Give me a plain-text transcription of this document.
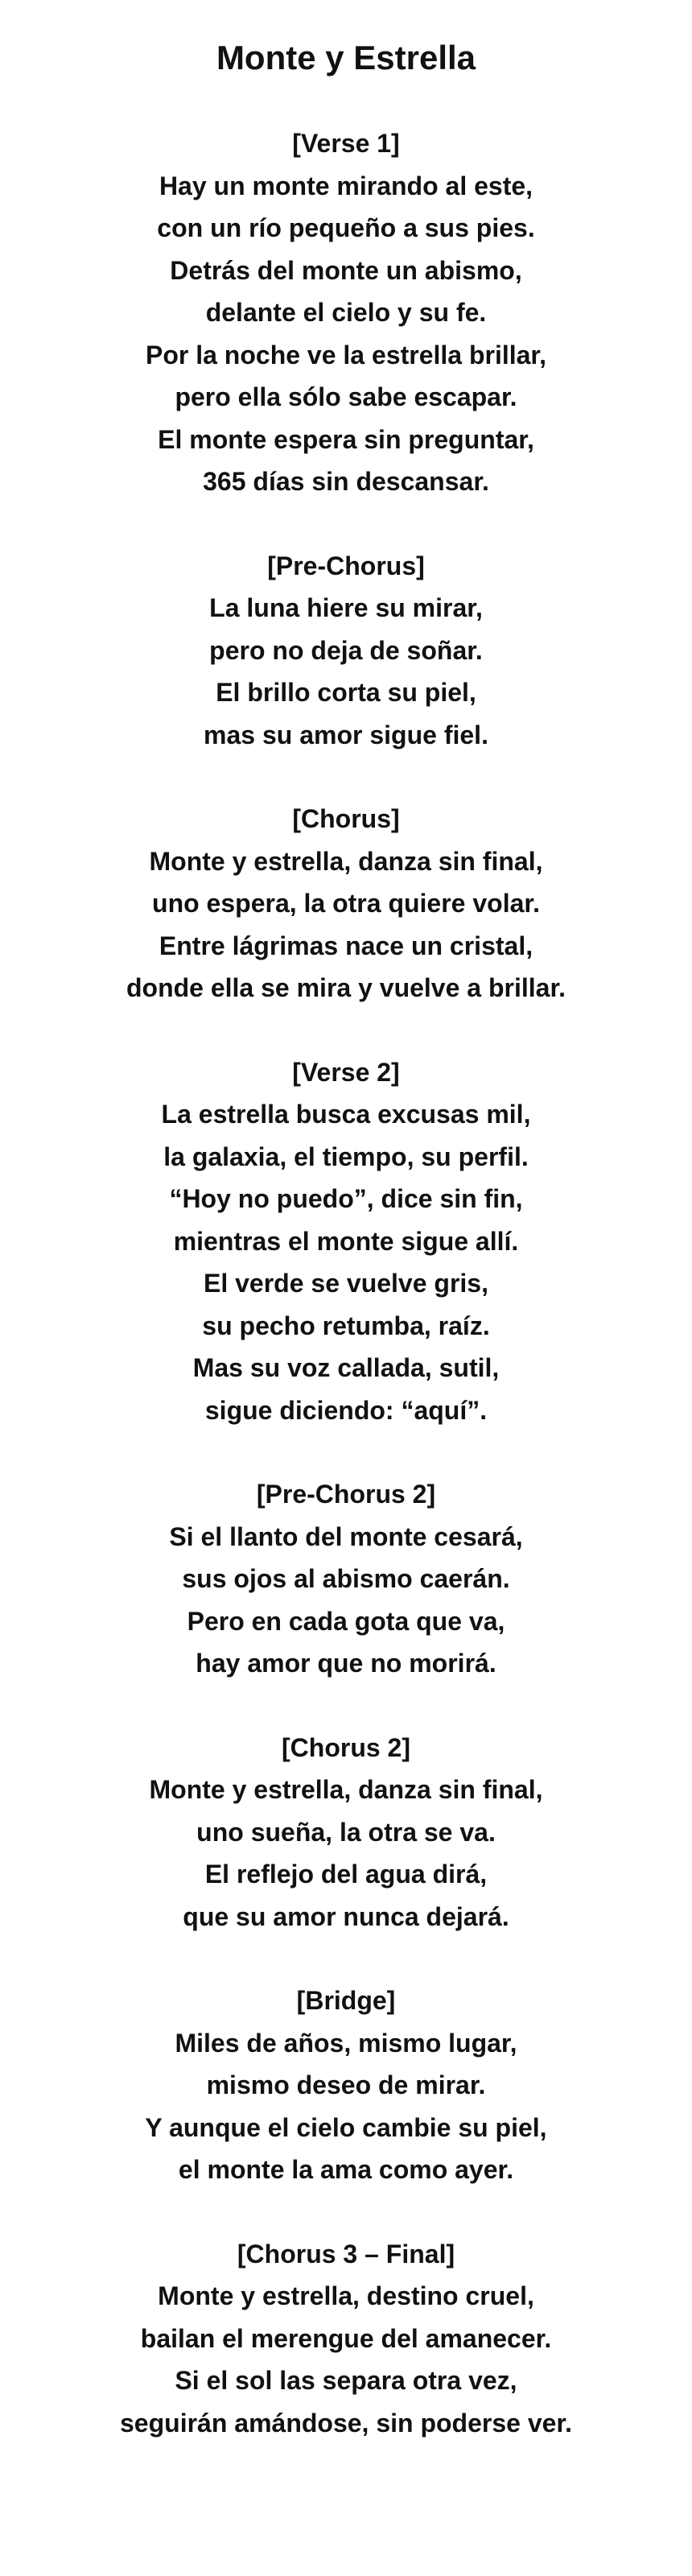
Monte y Estrella
[Verse 1]
Hay un monte mirando al este,
con un río pequeño a sus pies.
Detrás del monte un abismo,
delante el cielo y su fe.
Por la noche ve la estrella brillar,
pero ella sólo sabe escapar.
El monte espera sin preguntar,
365 días sin descansar.
[Pre-Chorus]
La luna hiere su mirar,
pero no deja de soñar.
El brillo corta su piel,
mas su amor sigue fiel.
[Chorus]
Monte y estrella, danza sin final,
uno espera, la otra quiere volar.
Entre lágrimas nace un cristal,
donde ella se mira y vuelve a brillar.
[Verse 2]
La estrella busca excusas mil,
la galaxia, el tiempo, su perfil.
“Hoy no puedo”, dice sin fin,
mientras el monte sigue allí.
El verde se vuelve gris,
su pecho retumba, raíz.
Mas su voz callada, sutil,
sigue diciendo: “aquí”.
[Pre-Chorus 2]
Si el llanto del monte cesará,
sus ojos al abismo caerán.
Pero en cada gota que va,
hay amor que no morirá.
[Chorus 2]
Monte y estrella, danza sin final,
uno sueña, la otra se va.
El reflejo del agua dirá,
que su amor nunca dejará.
[Bridge]
Miles de años, mismo lugar,
mismo deseo de mirar.
Y aunque el cielo cambie su piel,
el monte la ama como ayer.
[Chorus 3 – Final]
Monte y estrella, destino cruel,
bailan el merengue del amanecer.
Si el sol las separa otra vez,
seguirán amándose, sin poderse ver.
